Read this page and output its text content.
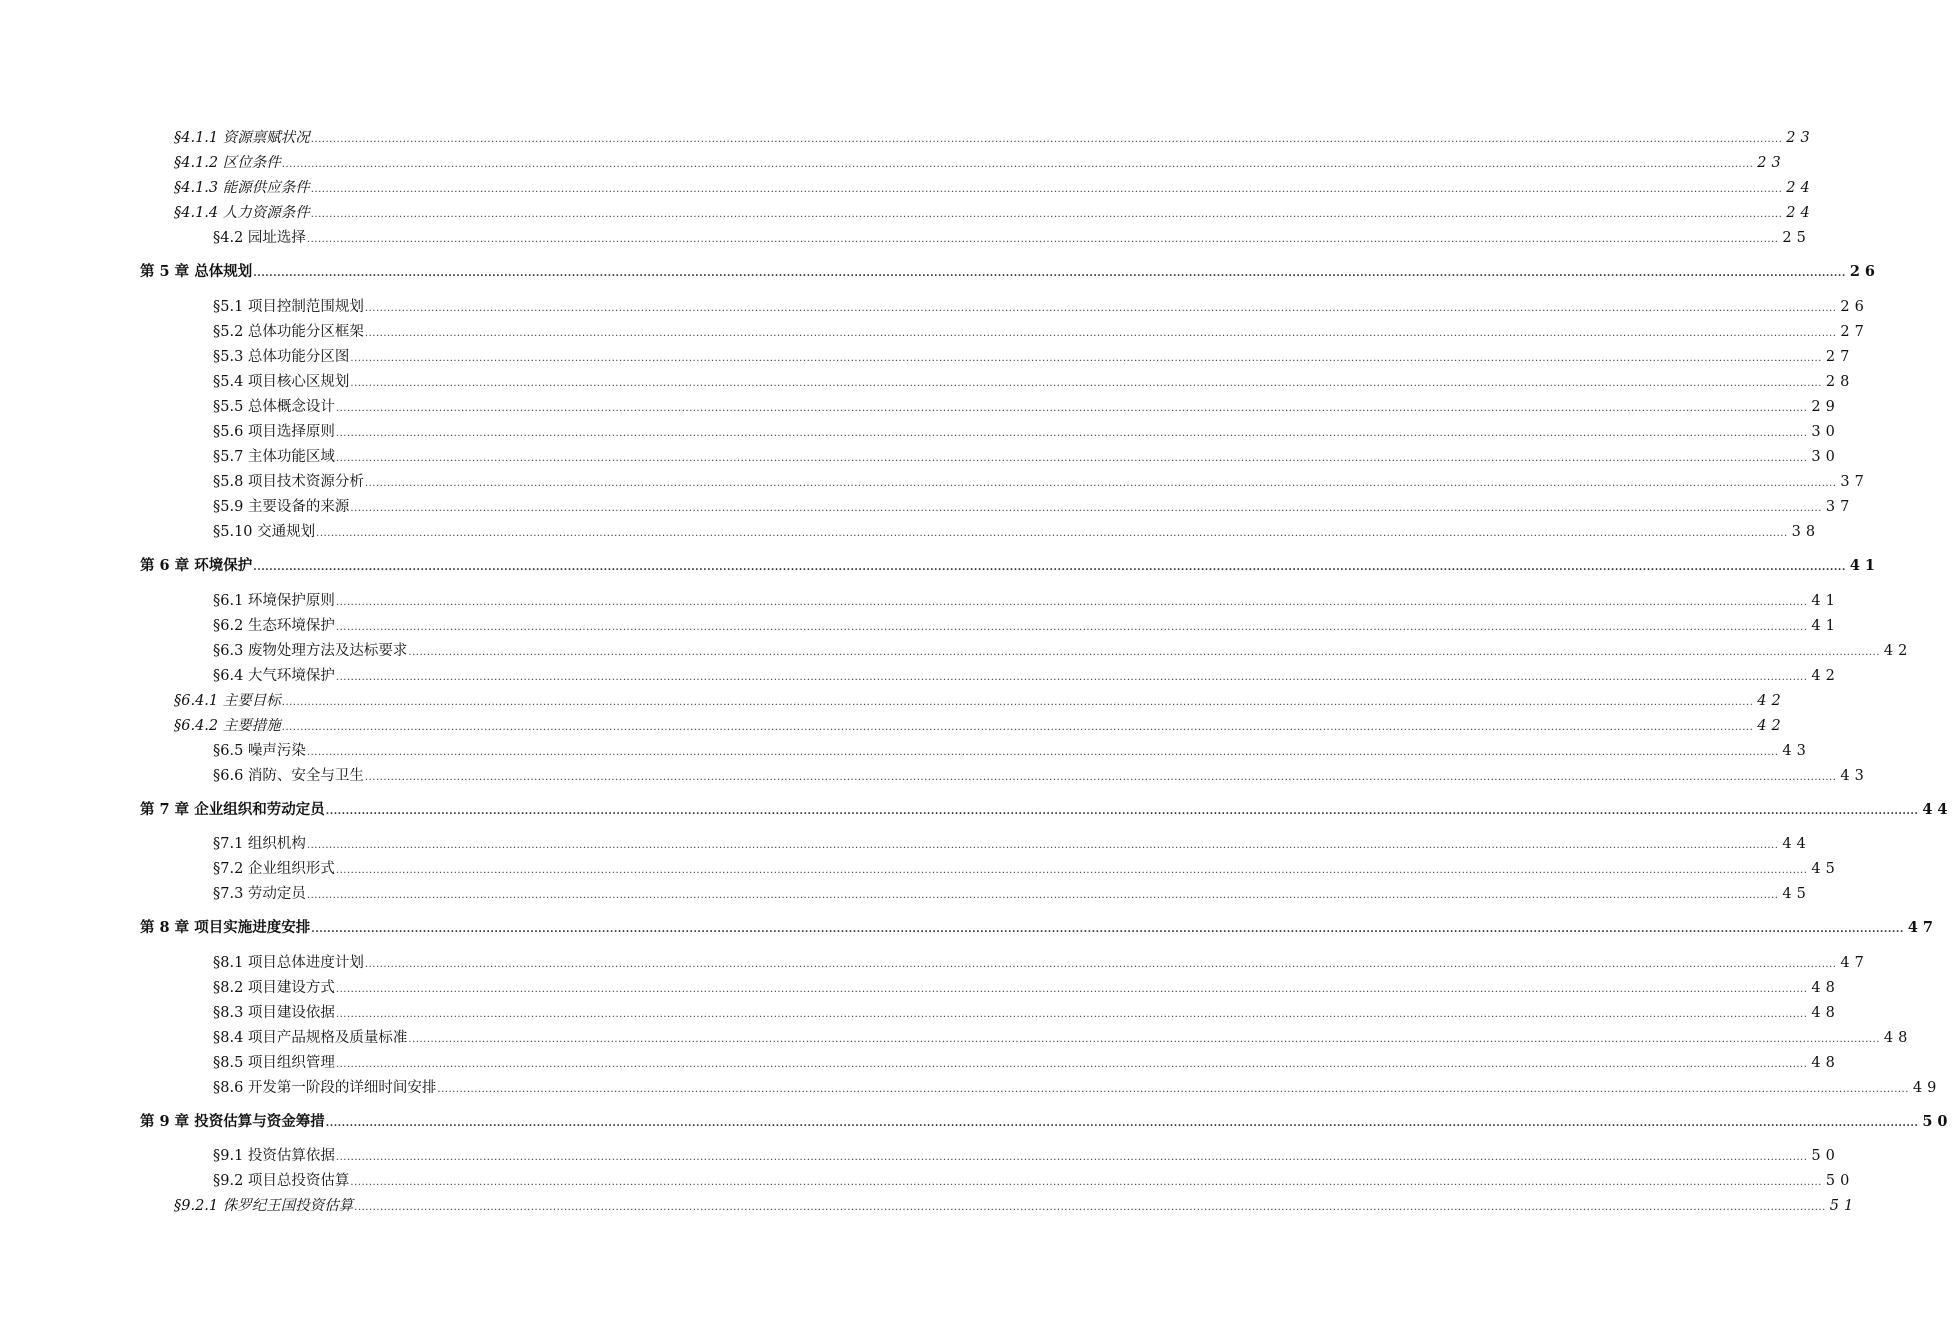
§4.1.1 资源禀赋状况 ................................................................................................................................................................................................................................................................................................................................................................................................................ 23
§4.1.2 区位条件 ................................................................................................................................................................................................................................................................................................................................................................................................................ 23
§4.1.3 能源供应条件 ................................................................................................................................................................................................................................................................................................................................................................................................................ 24
§4.1.4 人力资源条件 ................................................................................................................................................................................................................................................................................................................................................................................................................ 24
§4.2 园址选择 ................................................................................................................................................................................................................................................................................................................................................................................................................ 25
第 5 章 总体规划 ................................................................................................................................................................................................................................................................................................................................................................................................................ 26
§5.1 项目控制范围规划 ................................................................................................................................................................................................................................................................................................................................................................................................................ 26
§5.2 总体功能分区框架 ................................................................................................................................................................................................................................................................................................................................................................................................................ 27
§5.3 总体功能分区图 ................................................................................................................................................................................................................................................................................................................................................................................................................ 27
§5.4 项目核心区规划 ................................................................................................................................................................................................................................................................................................................................................................................................................ 28
§5.5 总体概念设计 ................................................................................................................................................................................................................................................................................................................................................................................................................ 29
§5.6 项目选择原则 ................................................................................................................................................................................................................................................................................................................................................................................................................ 30
§5.7 主体功能区域 ................................................................................................................................................................................................................................................................................................................................................................................................................ 30
§5.8 项目技术资源分析 ................................................................................................................................................................................................................................................................................................................................................................................................................ 37
§5.9 主要设备的来源 ................................................................................................................................................................................................................................................................................................................................................................................................................ 37
§5.10 交通规划 ................................................................................................................................................................................................................................................................................................................................................................................................................ 38
第 6 章 环境保护 ................................................................................................................................................................................................................................................................................................................................................................................................................ 41
§6.1 环境保护原则 ................................................................................................................................................................................................................................................................................................................................................................................................................ 41
§6.2 生态环境保护 ................................................................................................................................................................................................................................................................................................................................................................................................................ 41
§6.3 废物处理方法及达标要求 ................................................................................................................................................................................................................................................................................................................................................................................................................ 42
§6.4 大气环境保护 ................................................................................................................................................................................................................................................................................................................................................................................................................ 42
§6.4.1 主要目标 ................................................................................................................................................................................................................................................................................................................................................................................................................ 42
§6.4.2 主要措施 ................................................................................................................................................................................................................................................................................................................................................................................................................ 42
§6.5 噪声污染 ................................................................................................................................................................................................................................................................................................................................................................................................................ 43
§6.6 消防、安全与卫生 ................................................................................................................................................................................................................................................................................................................................................................................................................ 43
第 7 章 企业组织和劳动定员 ................................................................................................................................................................................................................................................................................................................................................................................................................ 44
§7.1 组织机构 ................................................................................................................................................................................................................................................................................................................................................................................................................ 44
§7.2 企业组织形式 ................................................................................................................................................................................................................................................................................................................................................................................................................ 45
§7.3 劳动定员 ................................................................................................................................................................................................................................................................................................................................................................................................................ 45
第 8 章 项目实施进度安排 ................................................................................................................................................................................................................................................................................................................................................................................................................ 47
§8.1 项目总体进度计划 ................................................................................................................................................................................................................................................................................................................................................................................................................ 47
§8.2 项目建设方式 ................................................................................................................................................................................................................................................................................................................................................................................................................ 48
§8.3 项目建设依据 ................................................................................................................................................................................................................................................................................................................................................................................................................ 48
§8.4 项目产品规格及质量标准 ................................................................................................................................................................................................................................................................................................................................................................................................................ 48
§8.5 项目组织管理 ................................................................................................................................................................................................................................................................................................................................................................................................................ 48
§8.6 开发第一阶段的详细时间安排 ................................................................................................................................................................................................................................................................................................................................................................................................................ 49
第 9 章 投资估算与资金筹措 ................................................................................................................................................................................................................................................................................................................................................................................................................ 50
§9.1 投资估算依据 ................................................................................................................................................................................................................................................................................................................................................................................................................ 50
§9.2 项目总投资估算 ................................................................................................................................................................................................................................................................................................................................................................................................................ 50
§9.2.1 侏罗纪王国投资估算 ................................................................................................................................................................................................................................................................................................................................................................................................................ 51
